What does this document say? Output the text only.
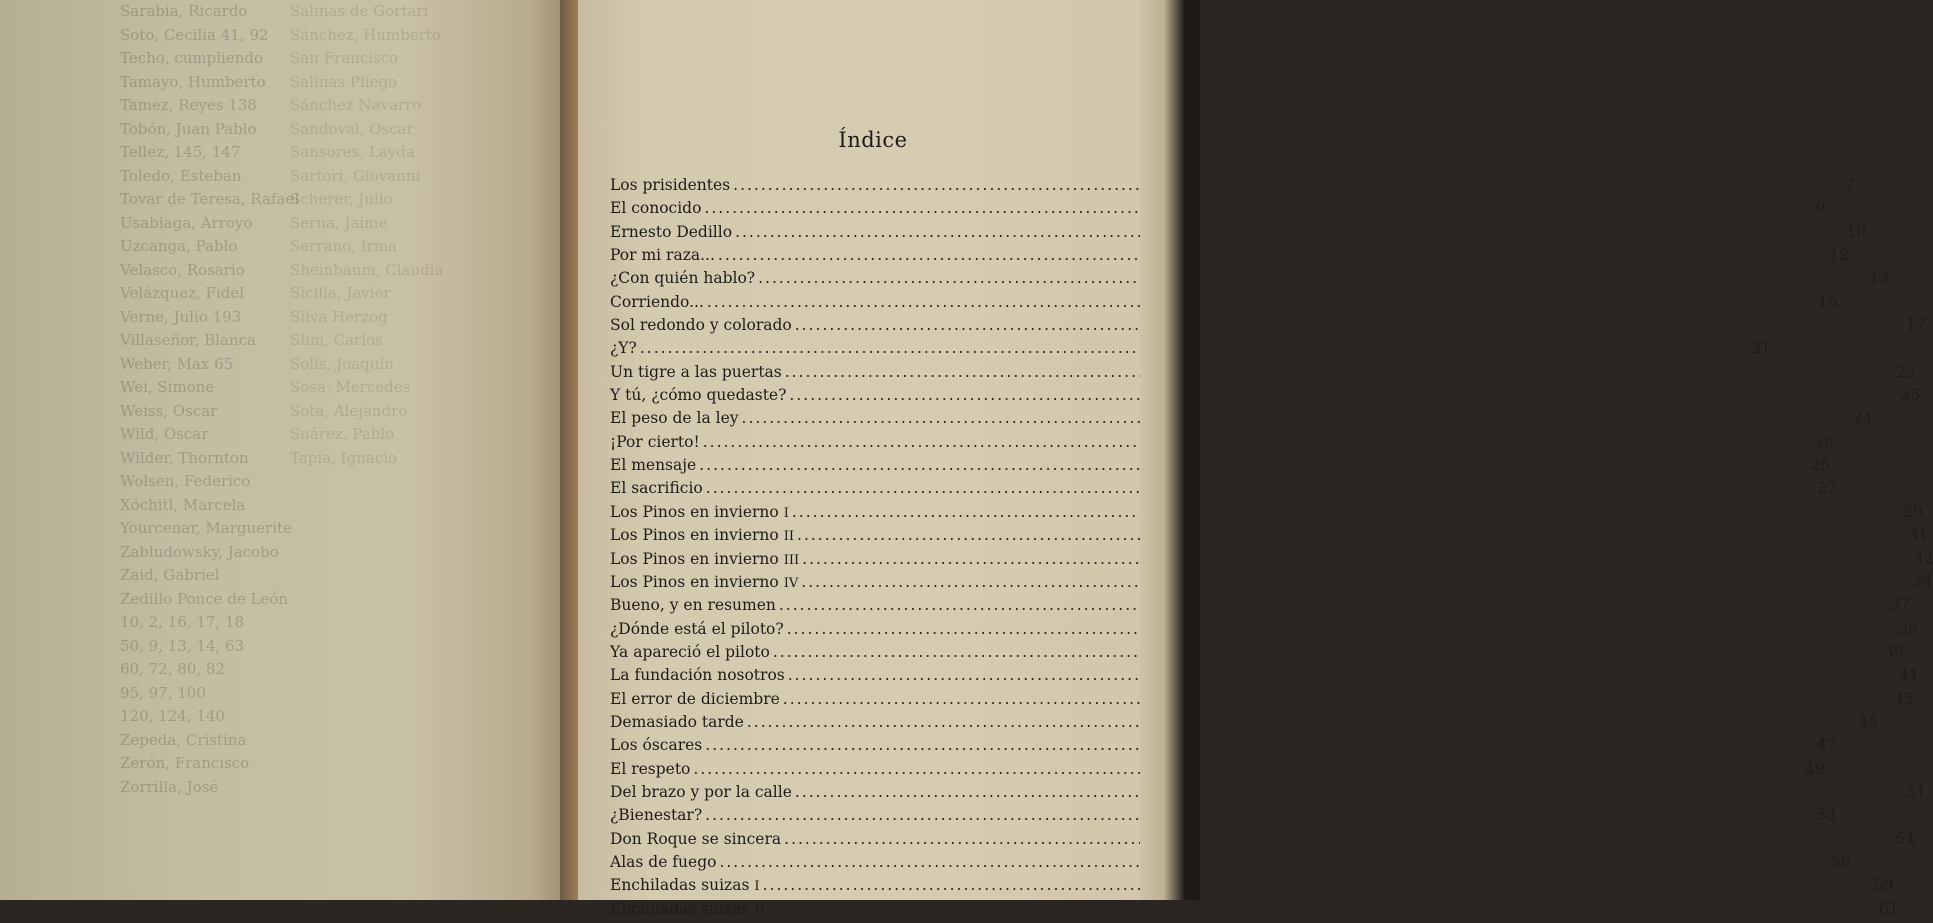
Sarabia, Ricardo
Soto, Cecilia 41, 92
Techo, cumpliendo
Tamayo, Humberto
Tamez, Reyes 138
Tobón, Juan Pablo
Tellez, 145, 147
Toledo, Esteban
Tovar de Teresa, Rafael
Usabiaga, Arroyo
Uzcanga, Pablo
Velasco, Rosario
Velázquez, Fidel
Verne, Julio 193
Villaseñor, Blanca
Weber, Max 65
Wei, Simone
Weiss, Oscar
Wild, Oscar
Wilder, Thornton
Wolsen, Federico
Xóchitl, Marcela
Yourcenar, Marguerite
Zabludowsky, Jacobo
Zaid, Gabriel
Zedillo Ponce de León
10, 2, 16, 17, 18
50, 9, 13, 14, 63
60, 72, 80, 82
95, 97, 100
120, 124, 140
Zepeda, Cristina
Zerón, Francisco
Zorrilla, José
Salinas de Gortari
Sánchez, Humberto
San Francisco
Salinas Pliego
Sánchez Navarro
Sandoval, Oscar
Sansores, Layda
Sartori, Giovanni
Scherer, Julio
Serna, Jaime
Serrano, Irma
Sheinbaum, Claudia
Sicilia, Javier
Silva Herzog
Slim, Carlos
Solís, Joaquín
Sosa, Mercedes
Sota, Alejandro
Suárez, Pablo
Tapia, Ignacio
Índice
Los prisidentes .....	7
El conocido .....	9
Ernesto Dedillo .....	10
Por mi raza... .....	12
¿Con quién hablo? .....	13
Corriendo... .....	15
Sol redondo y colorado .....	17
¿Y? .....	21
Un tigre a las puertas .....	22
Y tú, ¿cómo quedaste? .....	23
El peso de la ley .....	24
¡Por cierto! .....	26
El mensaje .....	26
El sacrificio .....	27
Los Pinos en invierno I .....	29
Los Pinos en invierno II .....	31
Los Pinos en invierno III .....	32
Los Pinos en invierno IV .....	34
Bueno, y en resumen .....	37
¿Dónde está el piloto? .....	38
Ya apareció el piloto .....	39
La fundación nosotros .....	41
El error de diciembre .....	43
Demasiado tarde .....	45
Los óscares .....	47
El respeto .....	49
Del brazo y por la calle .....	51
¿Bienestar? .....	53
Don Roque se sincera .....	54
Alas de fuego .....	56
Enchiladas suizas I .....	59
Enchiladas suizas II .....	61
